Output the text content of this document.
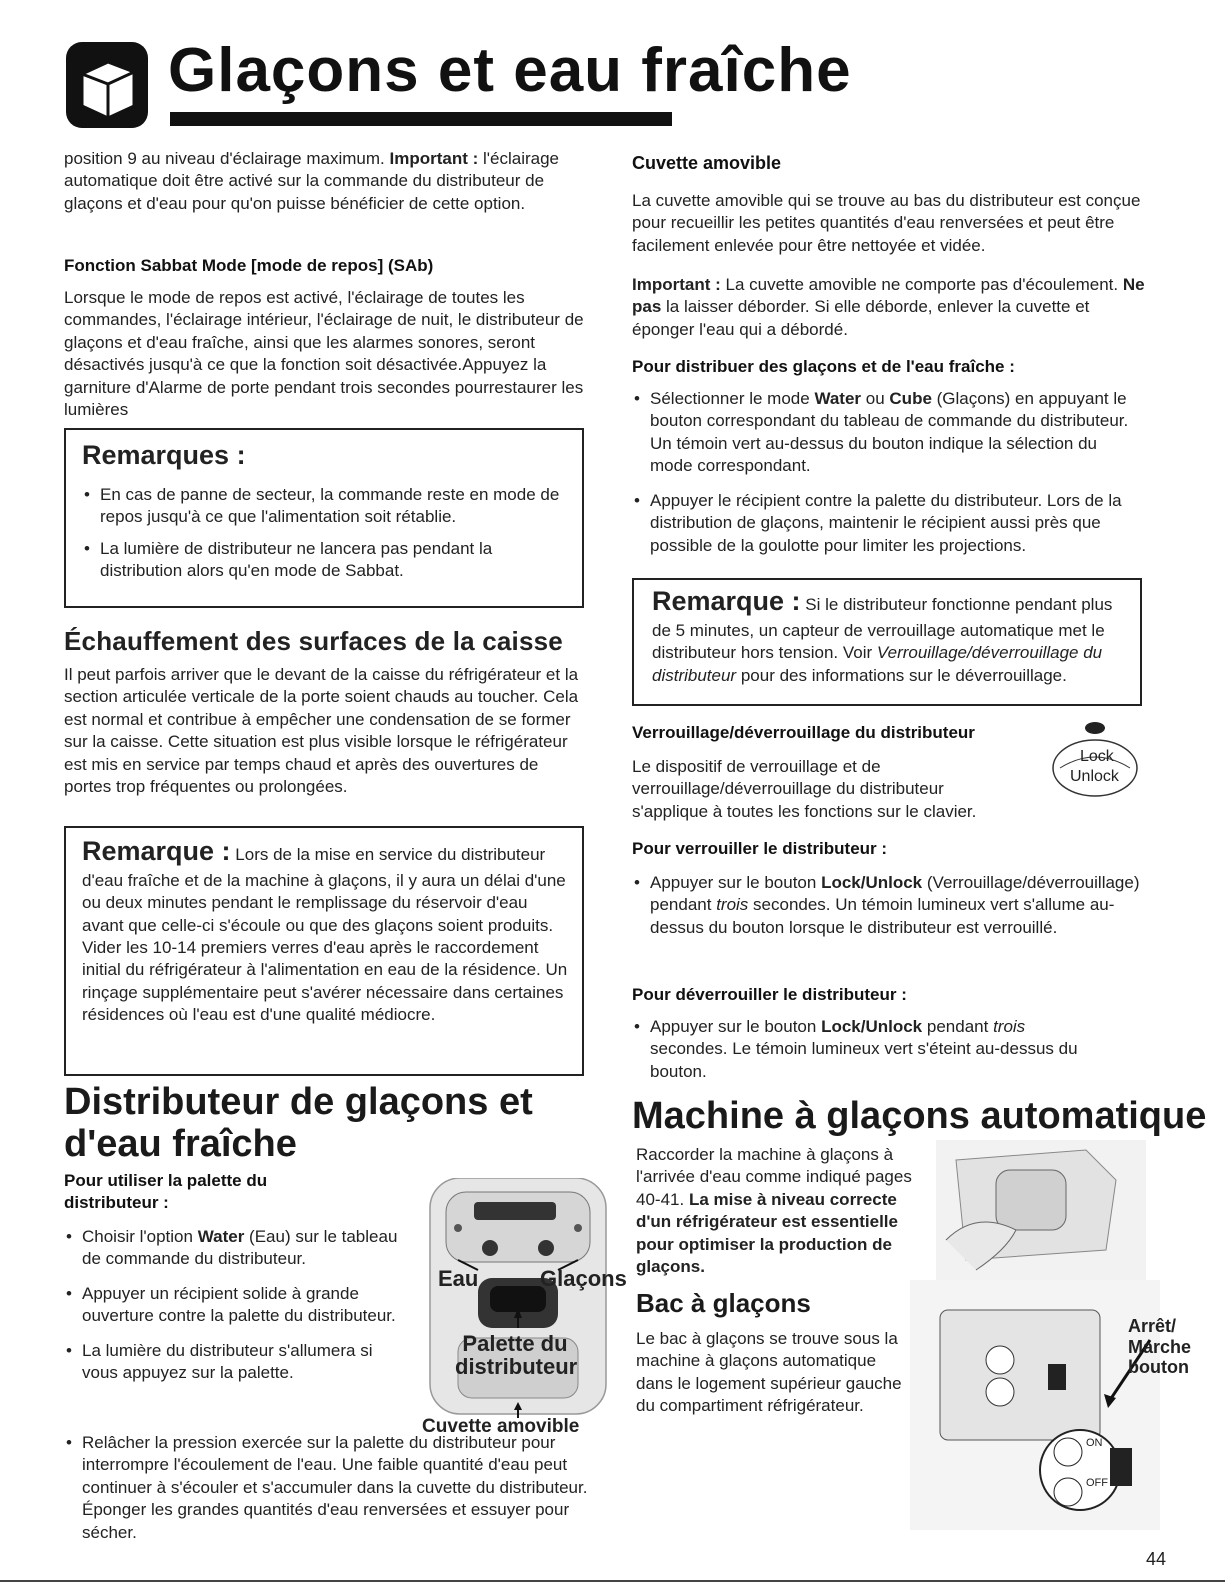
Glaçons et eau fraîche

position 9 au niveau d'éclairage maximum. Important : l'éclairage automatique doit être activé sur la commande du distributeur de glaçons et d'eau pour qu'on puisse bénéficier de cette option.

Fonction Sabbat Mode [mode de repos] (SAb)

Lorsque le mode de repos est activé, l'éclairage de toutes les commandes, l'éclairage intérieur, l'éclairage de nuit, le distributeur de glaçons et d'eau fraîche, ainsi que les alarmes sonores, seront désactivés jusqu'à ce que la fonction soit désactivée.Appuyez la garniture d'Alarme de porte pendant trois secondes pourrestaurer les lumières

Remarques :
• En cas de panne de secteur, la commande reste en mode de repos jusqu'à ce que l'alimentation soit rétablie.
• La lumière de distributeur ne lancera pas pendant la distribution alors qu'en mode de Sabbat.

Échauffement des surfaces de la caisse

Il peut parfois arriver que le devant de la caisse du réfrigérateur et la section articulée verticale de la porte soient chauds au toucher. Cela est normal et contribue à empêcher une condensation de se former sur la caisse. Cette situation est plus visible lorsque le réfrigérateur est mis en service par temps chaud et après des ouvertures de portes trop fréquentes ou prolongées.

Remarque : Lors de la mise en service du distributeur d'eau fraîche et de la machine à glaçons, il y aura un délai d'une ou deux minutes pendant le remplissage du réservoir d'eau avant que celle-ci s'écoule ou que des glaçons soient produits. Vider les 10-14 premiers verres d'eau après le raccordement initial du réfrigérateur à l'alimentation en eau de la résidence. Un rinçage supplémentaire peut s'avérer nécessaire dans certaines résidences où l'eau est d'une qualité médiocre.

Distributeur de glaçons et d'eau fraîche

Pour utiliser la palette du distributeur :

• Choisir l'option Water (Eau) sur le tableau de commande du distributeur.
• Appuyer un récipient solide à grande ouverture contre la palette du distributeur.
• La lumière du distributeur s'allumera si vous appuyez sur la palette.
• Relâcher la pression exercée sur la palette du distributeur pour interrompre l'écoulement de l'eau. Une faible quantité d'eau peut continuer à s'écouler et s'accumuler dans la cuvette du distributeur. Éponger les grandes quantités d'eau renversées et essuyer pour sécher.
Eau	Glaçons
Palette du distributeur
Cuvette amovible

Cuvette amovible

La cuvette amovible qui se trouve au bas du distributeur est conçue pour recueillir les petites quantités d'eau renversées et peut être facilement enlevée pour être nettoyée et vidée.

Important : La cuvette amovible ne comporte pas d'écoulement. Ne pas la laisser déborder. Si elle déborde, enlever la cuvette et éponger l'eau qui a débordé.

Pour distribuer des glaçons et de l'eau fraîche :

• Sélectionner le mode Water ou Cube (Glaçons) en appuyant le bouton correspondant du tableau de commande du distributeur. Un témoin vert au-dessus du bouton indique la sélection du mode correspondant.
• Appuyer le récipient contre la palette du distributeur. Lors de la distribution de glaçons, maintenir le récipient aussi près que possible de la goulotte pour limiter les projections.

Remarque : Si le distributeur fonctionne pendant plus de 5 minutes, un capteur de verrouillage automatique met le distributeur hors tension. Voir Verrouillage/déverrouillage du distributeur pour des informations sur le déverrouillage.

Verrouillage/déverrouillage du distributeur

Le dispositif de verrouillage et de verrouillage/déverrouillage du distributeur s'applique à toutes les fonctions sur le clavier.

Lock
Unlock

Pour verrouiller le distributeur :

• Appuyer sur le bouton Lock/Unlock (Verrouillage/déverrouillage) pendant trois secondes. Un témoin lumineux vert s'allume au-dessus du bouton lorsque le distributeur est verrouillé.

Pour déverrouiller le distributeur :

• Appuyer sur le bouton Lock/Unlock pendant trois secondes. Le témoin lumineux vert s'éteint au-dessus du bouton.

Machine à glaçons automatique

Raccorder la machine à glaçons à l'arrivée d'eau comme indiqué pages 40-41. La mise à niveau correcte d'un réfrigérateur est essentielle pour optimiser la production de glaçons.

Bac à glaçons

Le bac à glaçons se trouve sous la machine à glaçons automatique dans le logement supérieur gauche du compartiment réfrigérateur.

Arrêt/ Marche bouton
ON
OFF
44
